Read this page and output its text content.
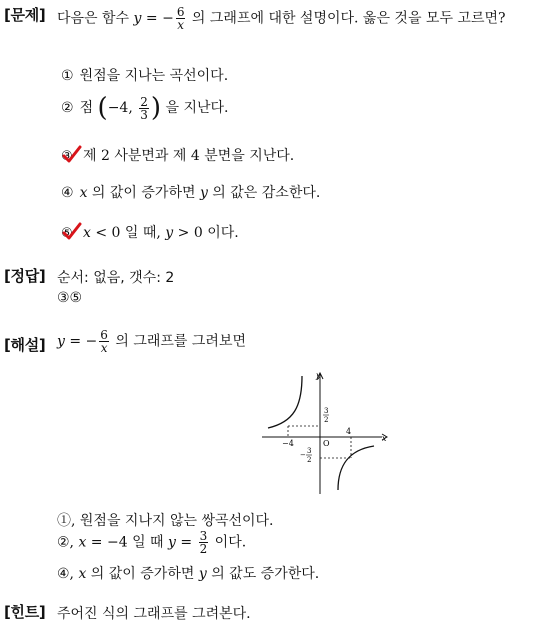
[문제] 다음은 함수 y = − $\frac{6}{x}$ 의 그래프에 대한 설명이다. 옳은 것을 모두 고르면?
① 원점을 지나는 곡선이다.
② 점 (−4, $\frac{2}{3}$ ) 을 지난다.
③ 제 2 사분면과 제 4 분면을 지난다.
④ x 의 값이 증가하면 y 의 값은 감소한다.
⑤ x < 0 일 때, y > 0 이다.
[정답] 순서: 없음, 갯수: 2
③⑤
[해설] y = − $\frac{6}{x}$ 의 그래프를 그려보면
y
x
O
−4
4
3
2
− 3
2
①, 원점을 지나지 않는 쌍곡선이다.
②, x = −4 일 때 $y = \frac{3}{2}$ 이다.
④, x 의 값이 증가하면 y 의 값도 증가한다.
[힌트] 주어진 식의 그래프를 그려본다.
